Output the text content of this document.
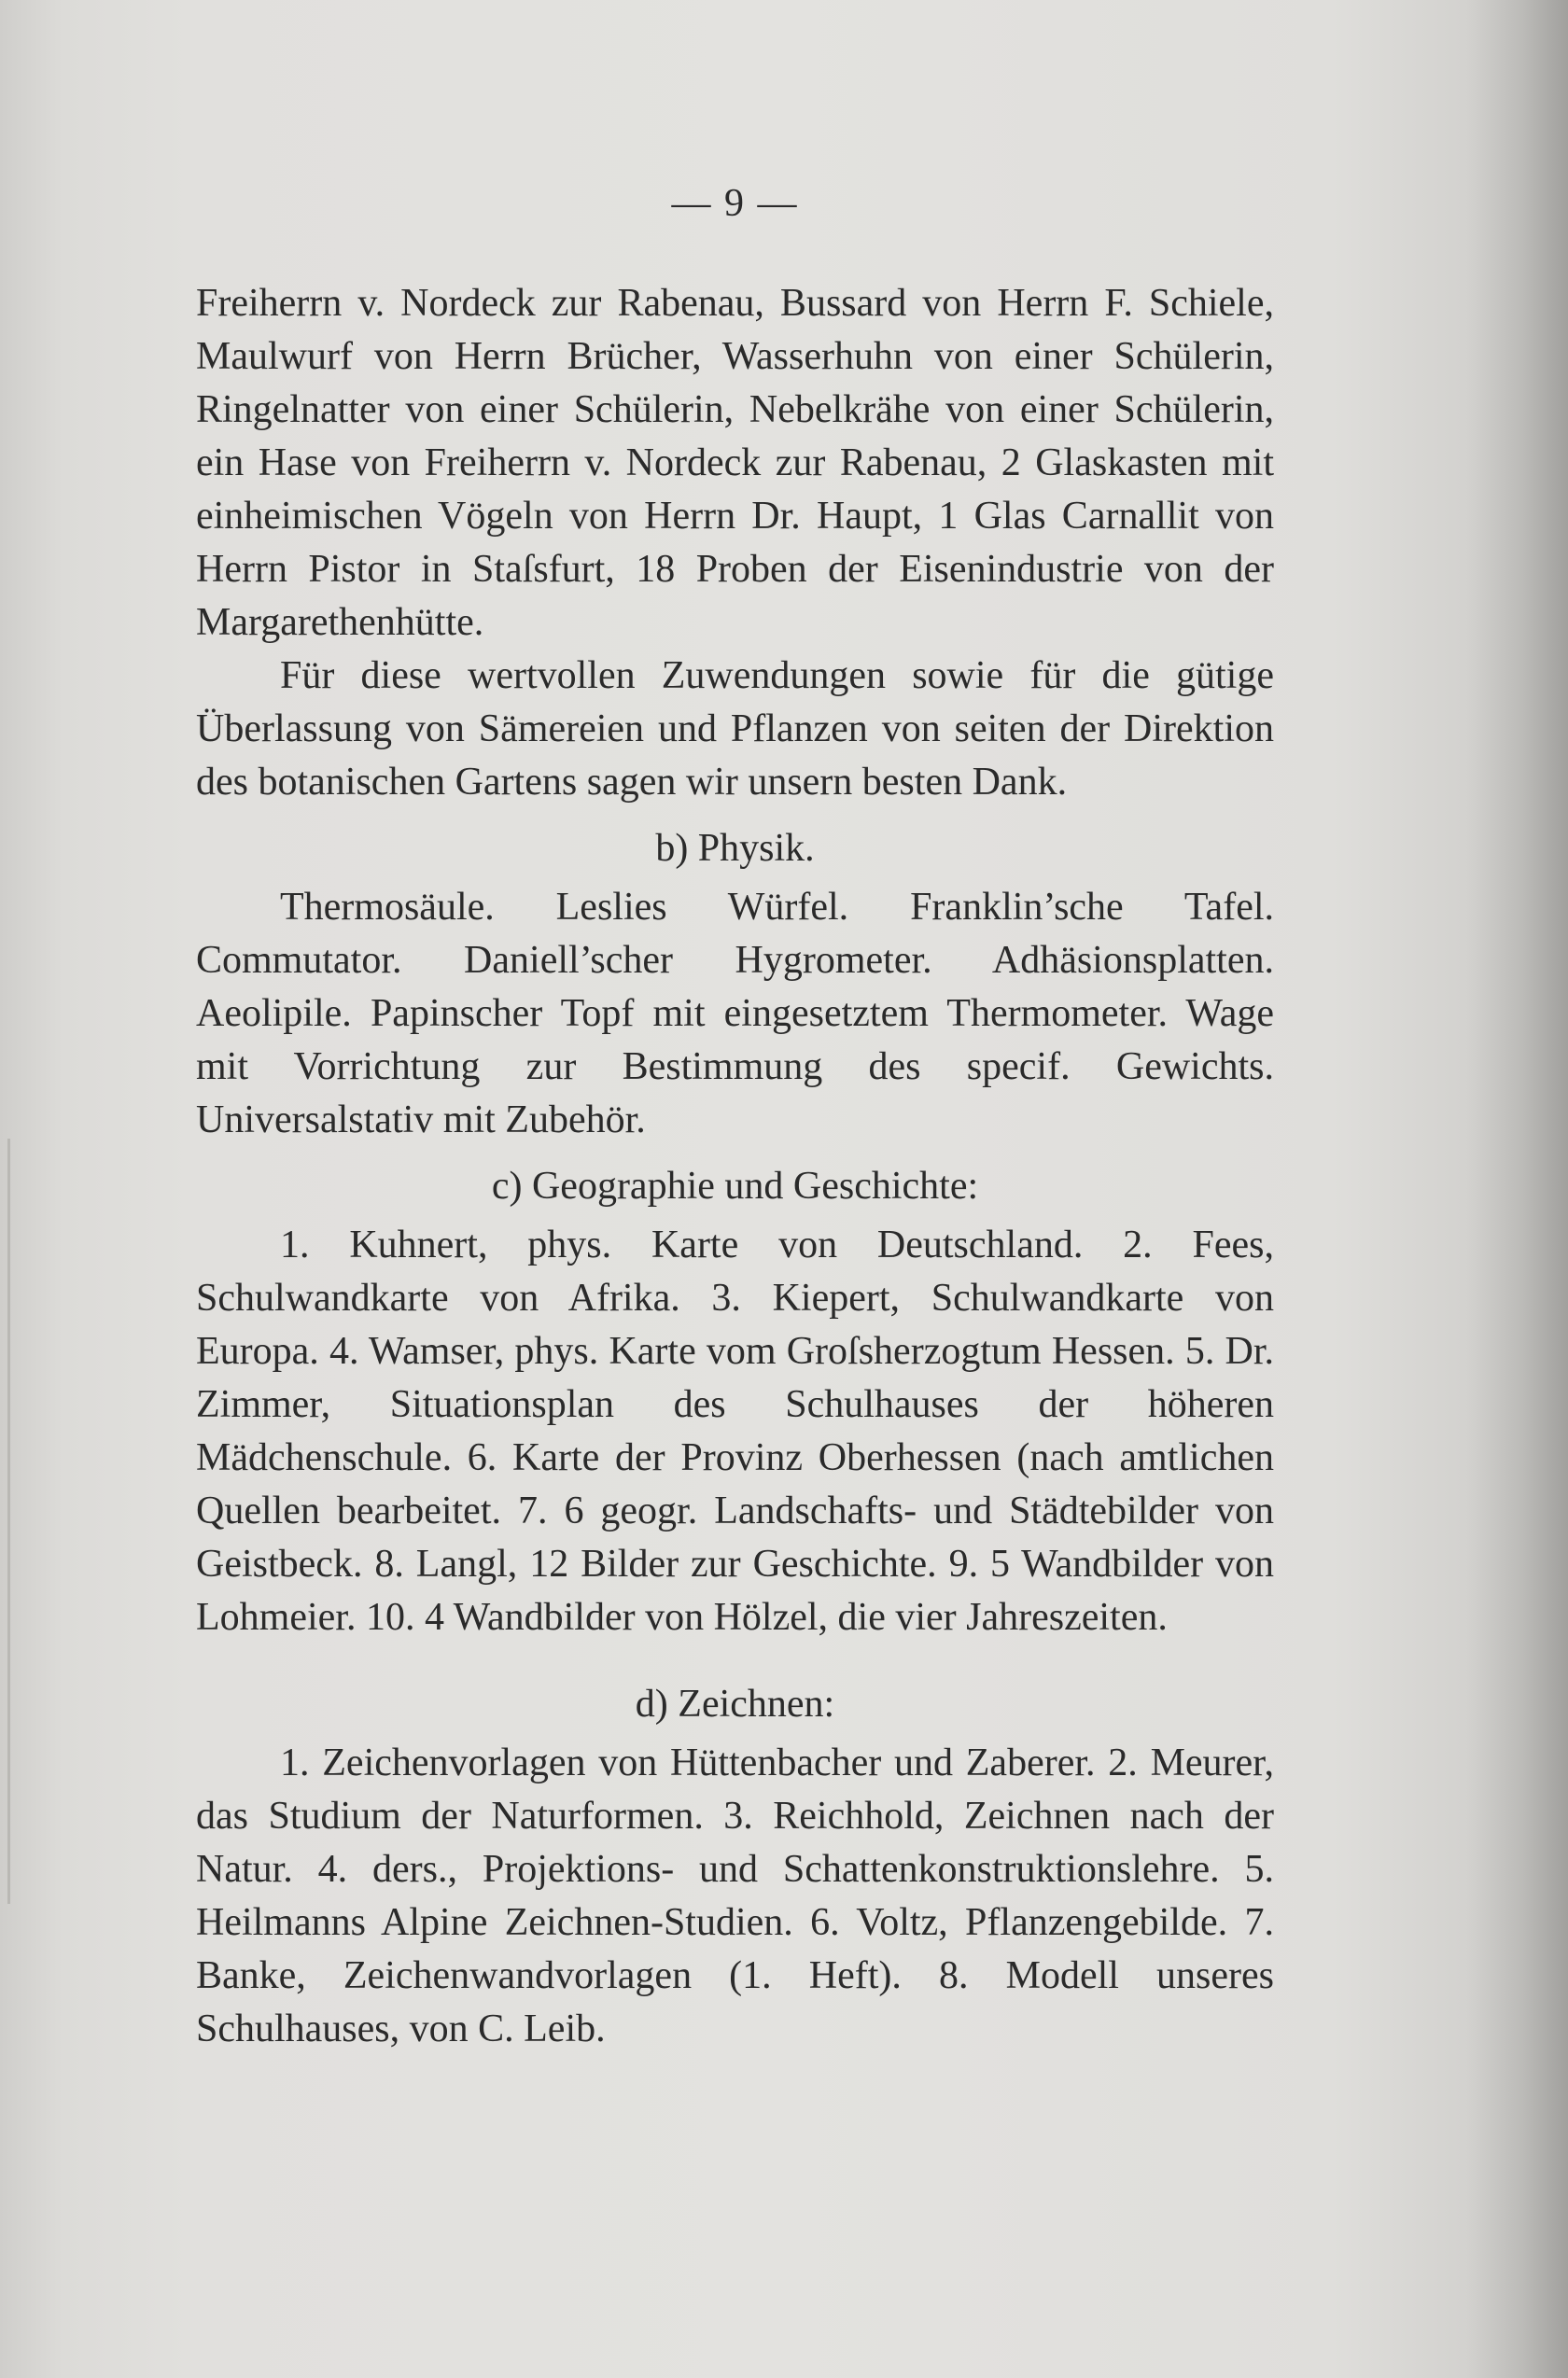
— 9 —

Freiherrn v. Nordeck zur Rabenau, Bussard von Herrn F. Schiele, Maulwurf von Herrn Brücher, Wasserhuhn von einer Schülerin, Ringelnatter von einer Schülerin, Nebelkrähe von einer Schülerin, ein Hase von Freiherrn v. Nordeck zur Rabenau, 2 Glaskasten mit einheimischen Vögeln von Herrn Dr. Haupt, 1 Glas Carnallit von Herrn Pistor in Staſsfurt, 18 Proben der Eisenindustrie von der Margarethenhütte.

Für diese wertvollen Zuwendungen sowie für die gütige Überlassung von Sämereien und Pflanzen von seiten der Direktion des botanischen Gartens sagen wir unsern besten Dank.

b) Physik.

Thermosäule. Leslies Würfel. Franklin’sche Tafel. Commutator. Daniell’scher Hygrometer. Adhäsionsplatten. Aeolipile. Papinscher Topf mit eingesetztem Thermometer. Wage mit Vorrichtung zur Bestimmung des specif. Gewichts. Universalstativ mit Zubehör.

c) Geographie und Geschichte:

1. Kuhnert, phys. Karte von Deutschland. 2. Fees, Schulwandkarte von Afrika. 3. Kiepert, Schulwandkarte von Europa. 4. Wamser, phys. Karte vom Groſsherzogtum Hessen. 5. Dr. Zimmer, Situationsplan des Schulhauses der höheren Mädchenschule. 6. Karte der Provinz Oberhessen (nach amtlichen Quellen bearbeitet. 7. 6 geogr. Landschafts- und Städtebilder von Geistbeck. 8. Langl, 12 Bilder zur Geschichte. 9. 5 Wandbilder von Lohmeier. 10. 4 Wandbilder von Hölzel, die vier Jahreszeiten.

d) Zeichnen:

1. Zeichenvorlagen von Hüttenbacher und Zaberer. 2. Meurer, das Studium der Naturformen. 3. Reichhold, Zeichnen nach der Natur. 4. ders., Projektions- und Schattenkonstruktionslehre. 5. Heilmanns Alpine Zeichnen-Studien. 6. Voltz, Pflanzengebilde. 7. Banke, Zeichenwandvorlagen (1. Heft). 8. Modell unseres Schulhauses, von C. Leib.
